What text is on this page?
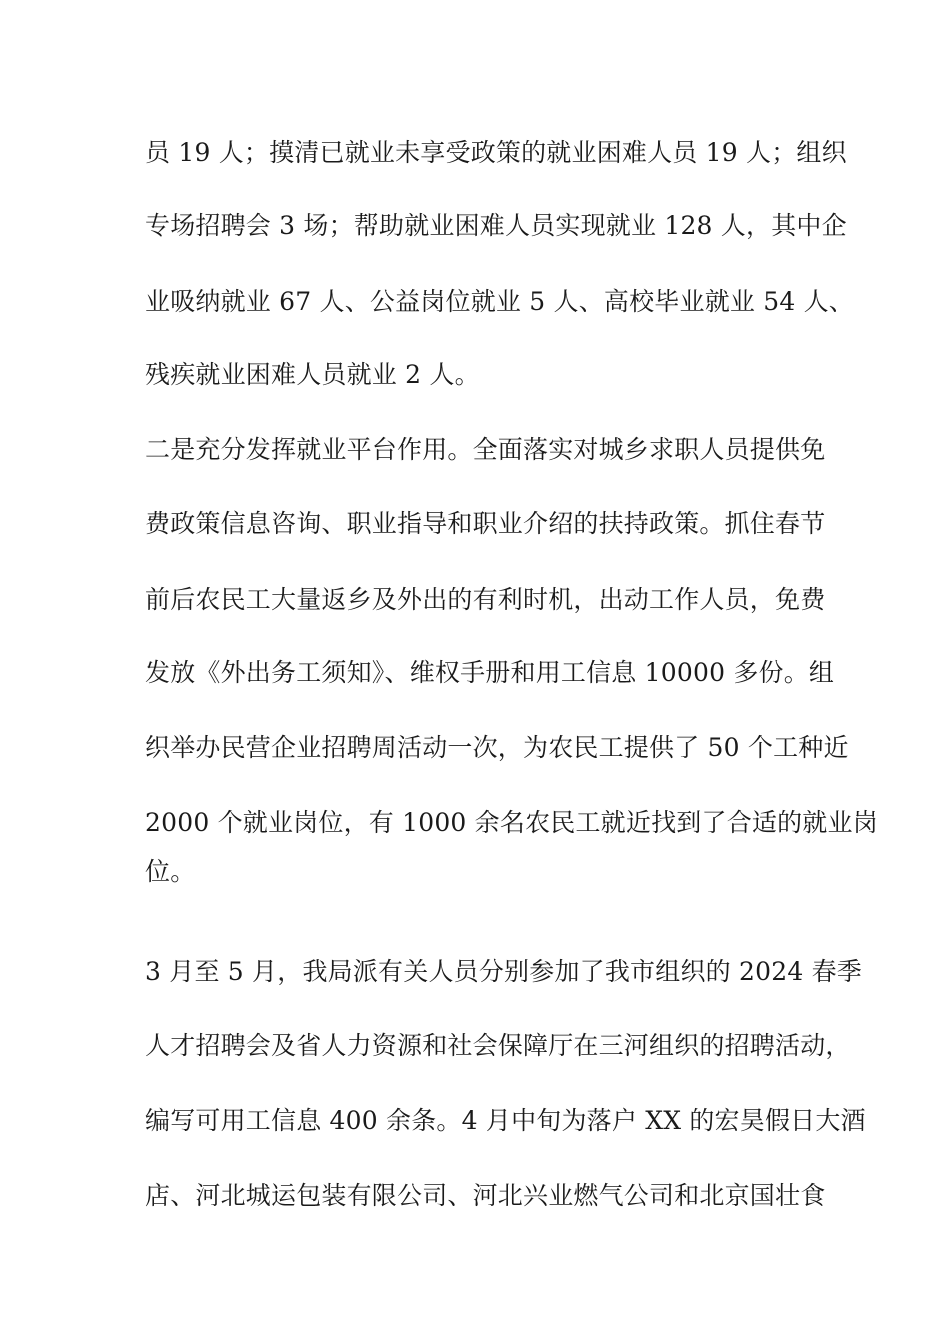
员 19 人；摸清已就业未享受政策的就业困难人员 19 人；组织
专场招聘会 3 场；帮助就业困难人员实现就业 128 人，其中企
业吸纳就业 67 人、公益岗位就业 5 人、高校毕业就业 54 人、
残疾就业困难人员就业 2 人。
二是充分发挥就业平台作用。全面落实对城乡求职人员提供免
费政策信息咨询、职业指导和职业介绍的扶持政策。抓住春节
前后农民工大量返乡及外出的有利时机，出动工作人员，免费
发放《外出务工须知》、维权手册和用工信息 10000 多份。组
织举办民营企业招聘周活动一次，为农民工提供了 50 个工种近
2000 个就业岗位，有 1000 余名农民工就近找到了合适的就业岗
位。
3 月至 5 月，我局派有关人员分别参加了我市组织的 2024 春季
人才招聘会及省人力资源和社会保障厅在三河组织的招聘活动，
编写可用工信息 400 余条。4 月中旬为落户 XX 的宏昊假日大酒
店、河北城运包装有限公司、河北兴业燃气公司和北京国壮食
